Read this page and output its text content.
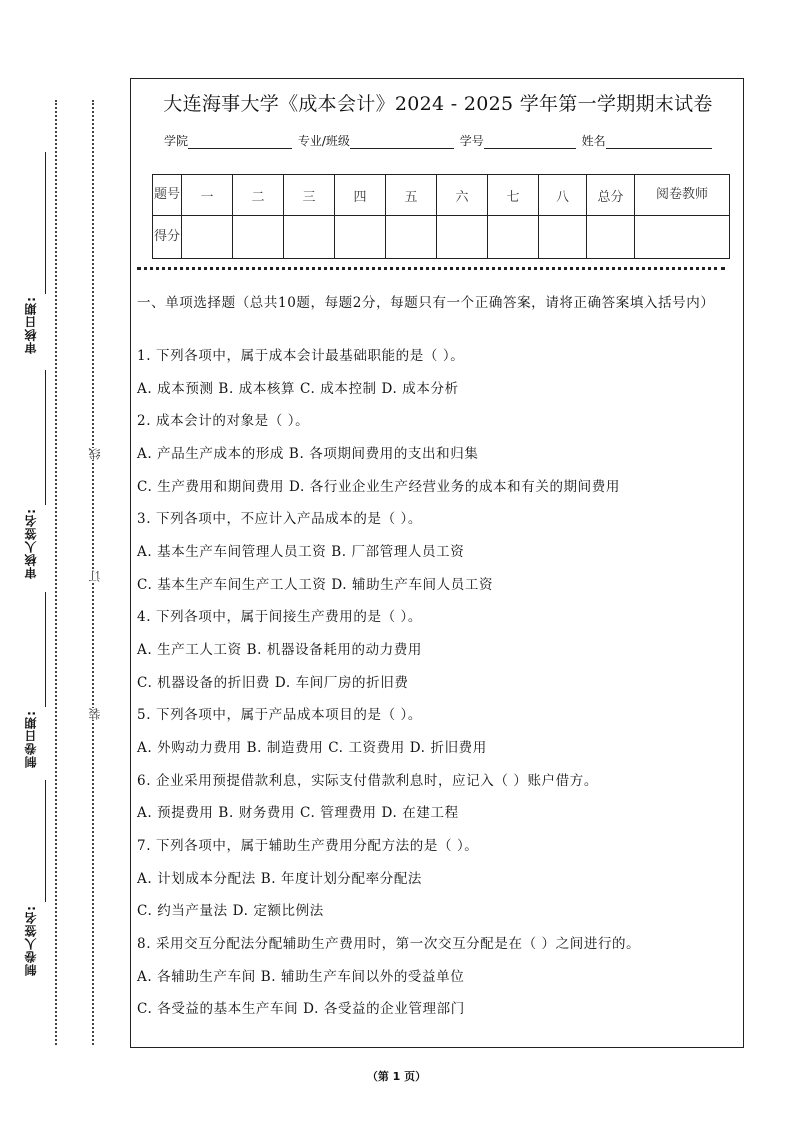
审核日期:
审核人签名:
制卷日期:
制卷人签名:
线
订
装
大连海事大学《成本会计》2024 - 2025 学年第一学期期末试卷
学院	专业/班级	学号	姓名
题号	一	二	三	四	五	六	七	八	总分	阅卷教师
得分										
一、单项选择题（总共10题，每题2分，每题只有一个正确答案，请将正确答案填入括号内）
1. 下列各项中，属于成本会计最基础职能的是（ ）。
A. 成本预测 B. 成本核算 C. 成本控制 D. 成本分析
2. 成本会计的对象是（ ）。
A. 产品生产成本的形成 B. 各项期间费用的支出和归集
C. 生产费用和期间费用 D. 各行业企业生产经营业务的成本和有关的期间费用
3. 下列各项中，不应计入产品成本的是（ ）。
A. 基本生产车间管理人员工资 B. 厂部管理人员工资
C. 基本生产车间生产工人工资 D. 辅助生产车间人员工资
4. 下列各项中，属于间接生产费用的是（ ）。
A. 生产工人工资 B. 机器设备耗用的动力费用
C. 机器设备的折旧费 D. 车间厂房的折旧费
5. 下列各项中，属于产品成本项目的是（ ）。
A. 外购动力费用 B. 制造费用 C. 工资费用 D. 折旧费用
6. 企业采用预提借款利息，实际支付借款利息时，应记入（ ）账户借方。
A. 预提费用 B. 财务费用 C. 管理费用 D. 在建工程
7. 下列各项中，属于辅助生产费用分配方法的是（ ）。
A. 计划成本分配法 B. 年度计划分配率分配法
C. 约当产量法 D. 定额比例法
8. 采用交互分配法分配辅助生产费用时，第一次交互分配是在（ ）之间进行的。
A. 各辅助生产车间 B. 辅助生产车间以外的受益单位
C. 各受益的基本生产车间 D. 各受益的企业管理部门
（第 1 页）
